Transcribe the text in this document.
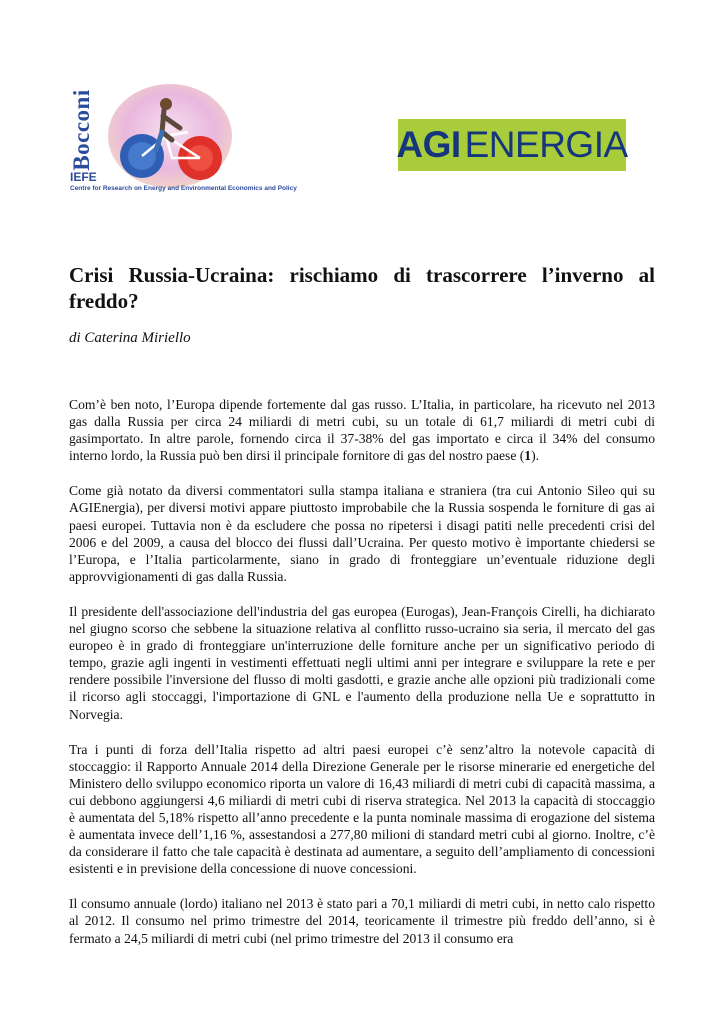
Bocconi
IEFE
Centre for Research on Energy and Environmental Economics and Policy
AGI ENERGIA
Crisi Russia-Ucraina: rischiamo di trascorrere l’inverno al freddo?

di Caterina Miriello

Com’è ben noto, l’Europa dipende fortemente dal gas russo. L’Italia, in particolare, ha ricevuto nel 2013 gas dalla Russia per circa 24 miliardi di metri cubi, su un totale di 61,7 miliardi di metri cubi di gasimportato. In altre parole, fornendo circa il 37-38% del gas importato e circa il 34% del consumo interno lordo, la Russia può ben dirsi il principale fornitore di gas del nostro paese (1).

Come già notato da diversi commentatori sulla stampa italiana e straniera (tra cui Antonio Sileo qui su AGIEnergia), per diversi motivi appare piuttosto improbabile che la Russia sospenda le forniture di gas ai paesi europei. Tuttavia non è da escludere che possa no ripetersi i disagi patiti nelle precedenti crisi del 2006 e del 2009, a causa del blocco dei flussi dall’Ucraina. Per questo motivo è importante chiedersi se l’Europa, e l’Italia particolarmente, siano in grado di fronteggiare un’eventuale riduzione degli approvvigionamenti di gas dalla Russia.

Il presidente dell'associazione dell'industria del gas europea (Eurogas), Jean-François Cirelli, ha dichiarato nel giugno scorso che sebbene la situazione relativa al conflitto russo-ucraino sia seria, il mercato del gas europeo è in grado di fronteggiare un'interruzione delle forniture anche per un significativo periodo di tempo, grazie agli ingenti in vestimenti effettuati negli ultimi anni per integrare e sviluppare la rete e per rendere possibile l'inversione del flusso di molti gasdotti, e grazie anche alle opzioni più tradizionali come il ricorso agli stoccaggi, l'importazione di GNL e l'aumento della produzione nella Ue e soprattutto in Norvegia.

Tra i punti di forza dell’Italia rispetto ad altri paesi europei c’è senz’altro la notevole capacità di stoccaggio: il Rapporto Annuale 2014 della Direzione Generale per le risorse minerarie ed energetiche del Ministero dello sviluppo economico riporta un valore di 16,43 miliardi di metri cubi di capacità massima, a cui debbono aggiungersi 4,6 miliardi di metri cubi di riserva strategica. Nel 2013 la capacità di stoccaggio è aumentata del 5,18% rispetto all’anno precedente e la punta nominale massima di erogazione del sistema è aumentata invece dell’1,16 %, assestandosi a 277,80 milioni di standard metri cubi al giorno. Inoltre, c’è da considerare il fatto che tale capacità è destinata ad aumentare, a seguito dell’ampliamento di concessioni esistenti e in previsione della concessione di nuove concessioni.

Il consumo annuale (lordo) italiano nel 2013 è stato pari a 70,1 miliardi di metri cubi, in netto calo rispetto al 2012. Il consumo nel primo trimestre del 2014, teoricamente il trimestre più freddo dell’anno, si è fermato a 24,5 miliardi di metri cubi (nel primo trimestre del 2013 il consumo era
